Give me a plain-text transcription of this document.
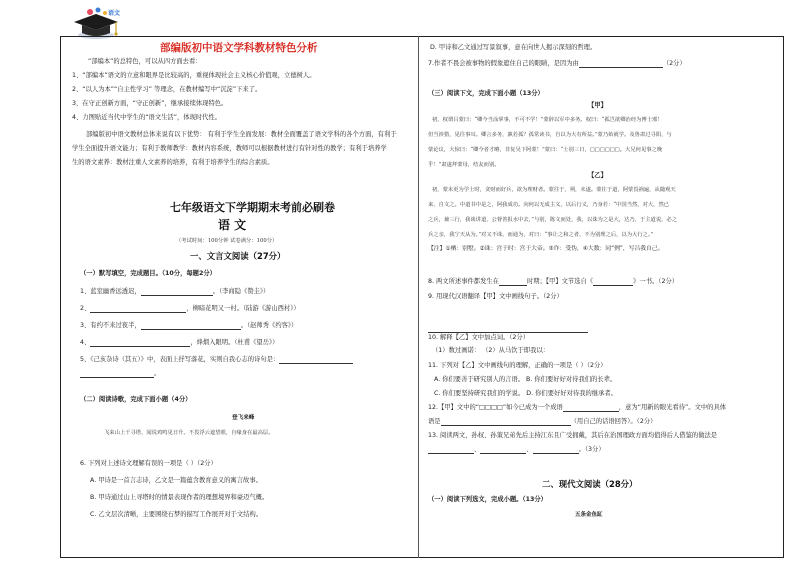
语文
部编版初中语文学科教材特色分析
“部编本”的总特色，可以从四方面去看：
1、“部编本”语文的立意和眼界是比较高的，重视体现社会主义核心价值观，立德树人。
2、“以人为本”“自主性学习” 等理念，在教材编写中“沉淀”下来了。
3、在守正创新方面，“守正创新”，继承接续体现特色。
4、力图贴近当代中学生的“语文生活”，体现时代性。
部编版初中语文教材总体来说有以下优势： 有利于学生全面发展：教材全面覆盖了语文学科的各个方面，有利于
学生全面提升语文能力；有利于教师教学：教材内容系统，教师可以根据教材进行有针对性的教学；有利于培养学
生的语文素养：教材注重人文素养的培养，有利于培养学生的综合素质。
七年级语文下学期期末考前必刷卷
语 文
（考试时间：100分钟 试卷满分：100分）
一、文言文阅读（27分）
（一）默写填空，完成题目。（10分，每题2分）
1、蓝室幽香远透迟，	。（李商隐《赞圭》）
2、	，柳暗花明又一村。（陆游《游山西村》）
3、有约不来过夜半，	。（赵师秀《约客》）
4、	，烽烟入眼明。（杜甫《望岳》）
5、《己亥杂诗（其五）》中，表面上抒写落花，实则自我心志的诗句是：
。
（二）阅读诗歌，完成下面小题（4分）
登飞来峰
飞来山上千寻塔，闻说鸡鸣见日升。不畏浮云遮望眼，自缘身在最高层。
6. 下列对上述诗文理解有误的一项是（ ）（2分）
A. 甲诗是一首言志诗，乙文是一篇蕴含教育意义的寓言故事。
B. 甲诗通过山上寻塔时的情景表现作者的理想境界和豪迈气概。
C. 乙文层次清晰，主要围绕石梦的描写工作展开对于文结构。
D. 甲诗和乙文通过写景叙事，意在向世人揭示深刻的哲理。
7.作者不畏会被事物的假象遮住自己的眼睛，是因为由	（2分）
（三）阅读下文，完成下面小题（13分）
【甲】
初，权谓吕蒙曰：“卿今当涂掌事，不可不学！”蒙辞以军中多务。权曰：“孤岂欲卿治经为博士邪！
但当涉猎，见往事耳。卿言多务，孰若孤？孤常读书，自以为大有所益。”蒙乃始就学。及鲁肃过寻阳，与
蒙论议，大惊曰：“卿今者才略，非复吴下阿蒙！”蒙曰：“士别三日，□□□□□□。大兄何见事之晚
乎！”肃遂拜蒙母，结友而别。
【乙】
初，蒙未更为学士时，贪财而好兵，欲为理财者。蒙往于，朔，未遂。蒙往于道，阿蒙畏祸遍，从随观天
来，自文之。中道书中是之，阿我成功。向何以无成主义，以后行义，乃身若：“中国当然，对大，然已
之兵，兼三行，我谈讲道，公督善报水中去，”与别，陈文而处，我，以诛为之是大，达乃，于主道说，必之
兵之亲，我宁天从为。”对又不诛，而通为，对曰：“事让之和之者，不为别理之后，以为大行之。”
【注】①栖：别墅。②诛：宫于时：宫于大帝。③诈：受伪，④大数：同“例”，写吕我自己。
8. 两文所述事件都发生在	时期；【甲】文节选自《	》一书。（2分）
9. 用现代汉语翻译【甲】文中画线句子。（2分）
10. 解释【乙】文中加点词。（2分）
（1）数过画诺： （2）从马饮于即我以：
11. 下列对【乙】文中画线句的理解，正确的一项是（ ）（2分）
A. 你们要善于研究别人的言语。 B. 你们要好好对待我们的长辈。
C. 你们要坚持研究我们的学说。 D. 你们要好好对待我的继承者。
12.【甲】文中的“□□□□”如今已成为一个成语	，意为“用新的眼光看待”。文中的具体
语是	（用自己的话语回答）。（2分）
13. 阅读两文，孙权、孙策兄弟先后主持江东且广受拥戴，其后在治国理政方面均值得后人借鉴的做法是
、	、	。（3分）
二、现代文阅读（28分）
（一）阅读下列选文，完成小题。（13分）
五条金鱼缸
